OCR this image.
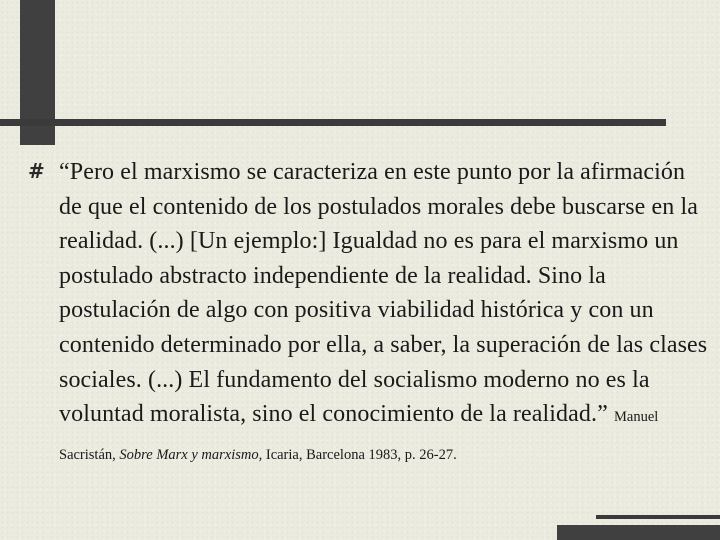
# “Pero el marxismo se caracteriza en este punto por la afirmación de que el contenido de los postulados morales debe buscarse en la realidad. (...) [Un ejemplo:] Igualdad no es para el marxismo un postulado abstracto independiente de la realidad. Sino la postulación de algo con positiva viabilidad histórica y con un contenido determinado por ella, a saber, la superación de las clases sociales. (...) El fundamento del socialismo moderno no es la voluntad moralista, sino el conocimiento de la realidad.” Manuel Sacristán, Sobre Marx y marxismo, Icaria, Barcelona 1983, p. 26-27.
